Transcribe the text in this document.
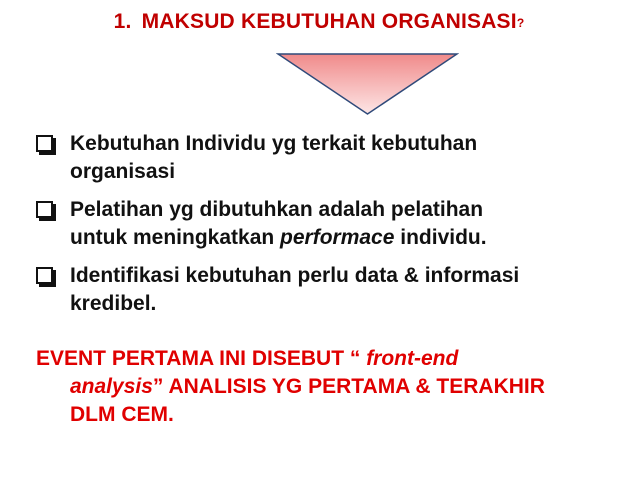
1. MAKSUD KEBUTUHAN ORGANISASI?
Kebutuhan Individu yg terkait kebutuhan
organisasi
Pelatihan yg dibutuhkan adalah pelatihan
untuk meningkatkan performace individu.
Identifikasi kebutuhan perlu data & informasi
kredibel.
EVENT PERTAMA INI DISEBUT “ front-end
analysis” ANALISIS YG PERTAMA & TERAKHIR
DLM CEM.
